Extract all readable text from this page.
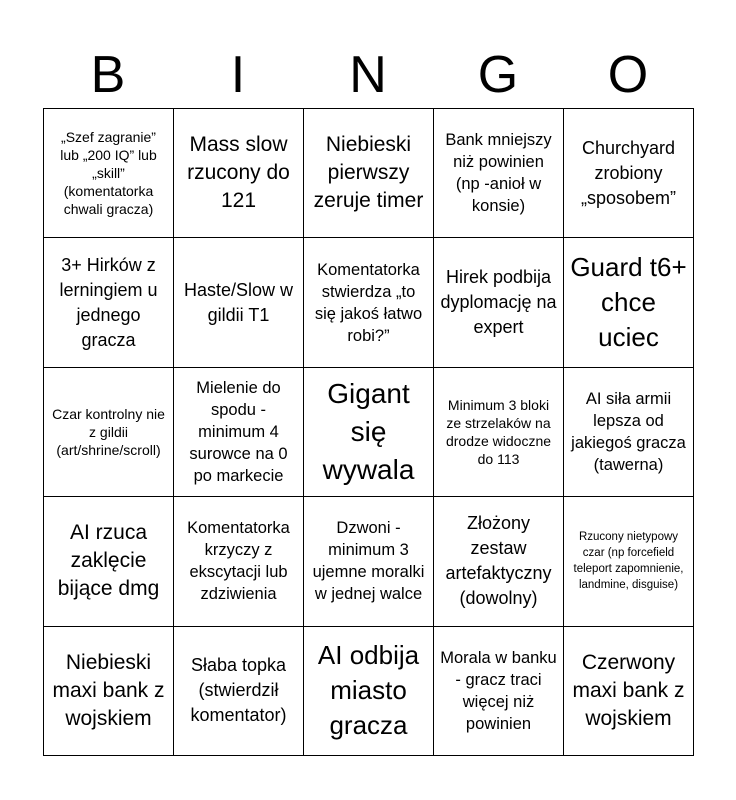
B	I	N	G	O
„Szef zagranie” lub „200 IQ” lub „skill” (komentatorka chwali gracza)
Mass slow rzucony do 121
Niebieski pierwszy zeruje timer
Bank mniejszy niż powinien (np -anioł w konsie)
Churchyard zrobiony „sposobem”
3+ Hirków z lerningiem u jednego gracza
Haste/Slow w gildii T1
Komentatorka stwierdza „to się jakoś łatwo robi?”
Hirek podbija dyplomację na expert
Guard t6+ chce uciec
Czar kontrolny nie z gildii (art/shrine/scroll)
Mielenie do spodu - minimum 4 surowce na 0 po markecie
Gigant się wywala
Minimum 3 bloki ze strzelaków na drodze widoczne do 113
AI siła armii lepsza od jakiegoś gracza (tawerna)
AI rzuca zaklęcie bijące dmg
Komentatorka krzyczy z ekscytacji lub zdziwienia
Dzwoni - minimum 3 ujemne moralki w jednej walce
Złożony zestaw artefaktyczny (dowolny)
Rzucony nietypowy czar (np forcefield teleport zapomnienie, landmine, disguise)
Niebieski maxi bank z wojskiem
Słaba topka (stwierdził komentator)
AI odbija miasto gracza
Morala w banku - gracz traci więcej niż powinien
Czerwony maxi bank z wojskiem
